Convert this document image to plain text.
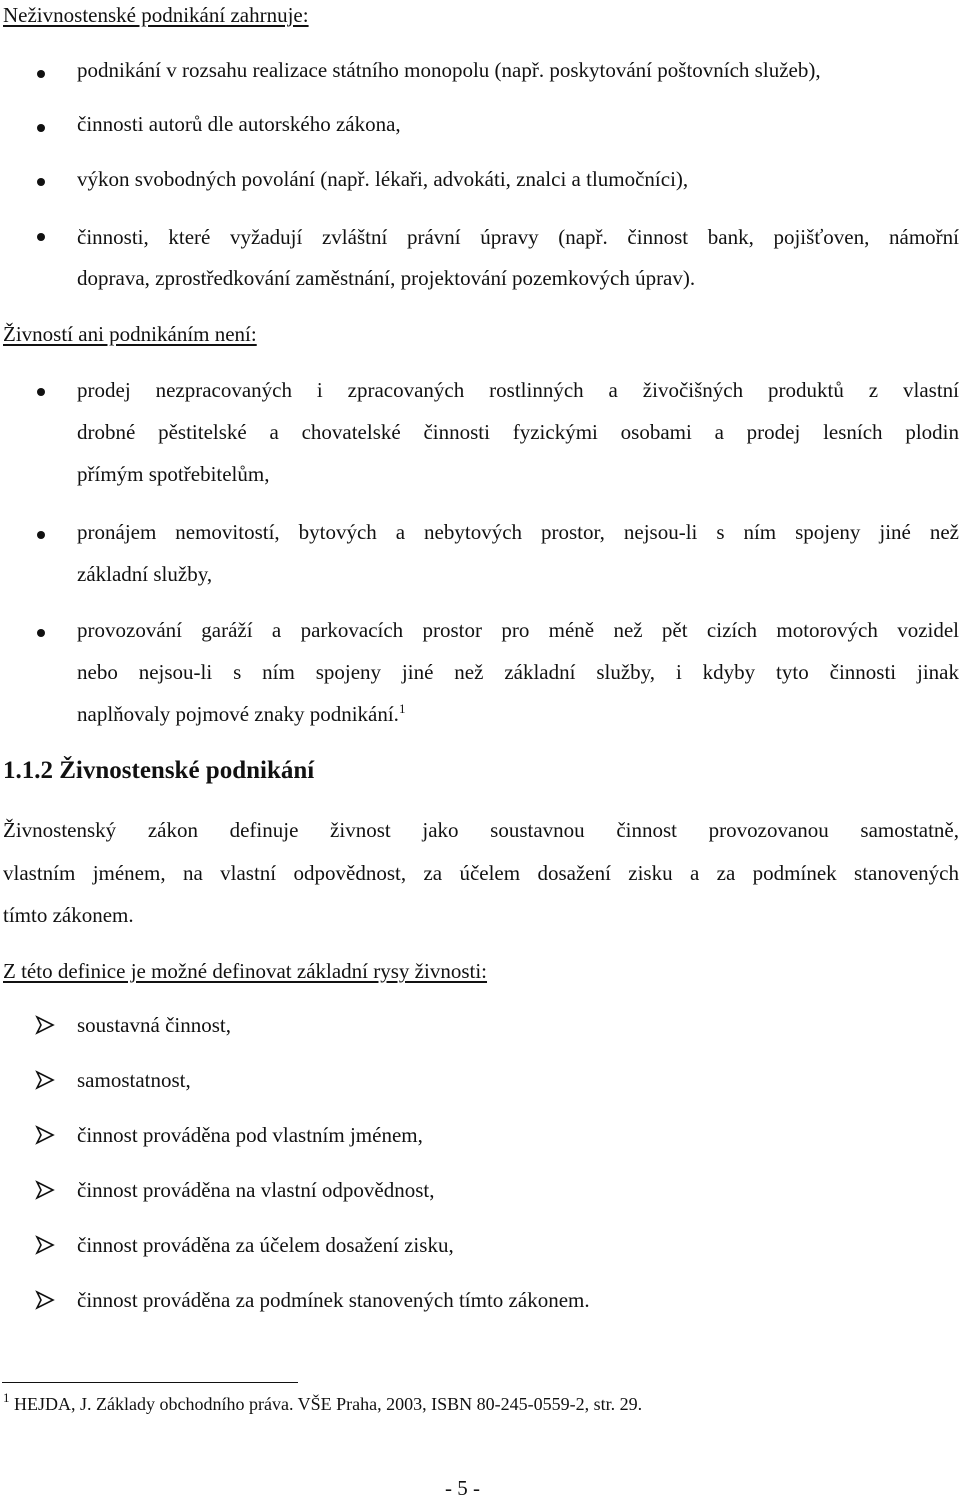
Neživnostenské podnikání zahrnuje:
podnikání v rozsahu realizace státního monopolu (např. poskytování poštovních služeb),
činnosti autorů dle autorského zákona,
výkon svobodných povolání (např. lékaři, advokáti, znalci a tlumočníci),
činnosti, které vyžadují zvláštní právní úpravy (např. činnost bank, pojišťoven, námořní
doprava, zprostředkování zaměstnání, projektování pozemkových úprav).
Živností ani podnikáním není:
prodej nezpracovaných i zpracovaných rostlinných a živočišných produktů z vlastní
drobné pěstitelské a chovatelské činnosti fyzickými osobami a prodej lesních plodin
přímým spotřebitelům,
pronájem nemovitostí, bytových a nebytových prostor, nejsou-li s ním spojeny jiné než
základní služby,
provozování garáží a parkovacích prostor pro méně než pět cizích motorových vozidel
nebo nejsou-li s ním spojeny jiné než základní služby, i kdyby tyto činnosti jinak
naplňovaly pojmové znaky podnikání.$^1$
1.1.2 Živnostenské podnikání
Živnostenský zákon definuje živnost jako soustavnou činnost provozovanou samostatně,
vlastním jménem, na vlastní odpovědnost, za účelem dosažení zisku a za podmínek stanovených
tímto zákonem.
Z této definice je možné definovat základní rysy živnosti:
soustavná činnost,
samostatnost,
činnost prováděna pod vlastním jménem,
činnost prováděna na vlastní odpovědnost,
činnost prováděna za účelem dosažení zisku,
činnost prováděna za podmínek stanovených tímto zákonem.
$^1$ HEJDA, J. Základy obchodního práva. VŠE Praha, 2003, ISBN 80-245-0559-2, str. 29.
- 5 -
